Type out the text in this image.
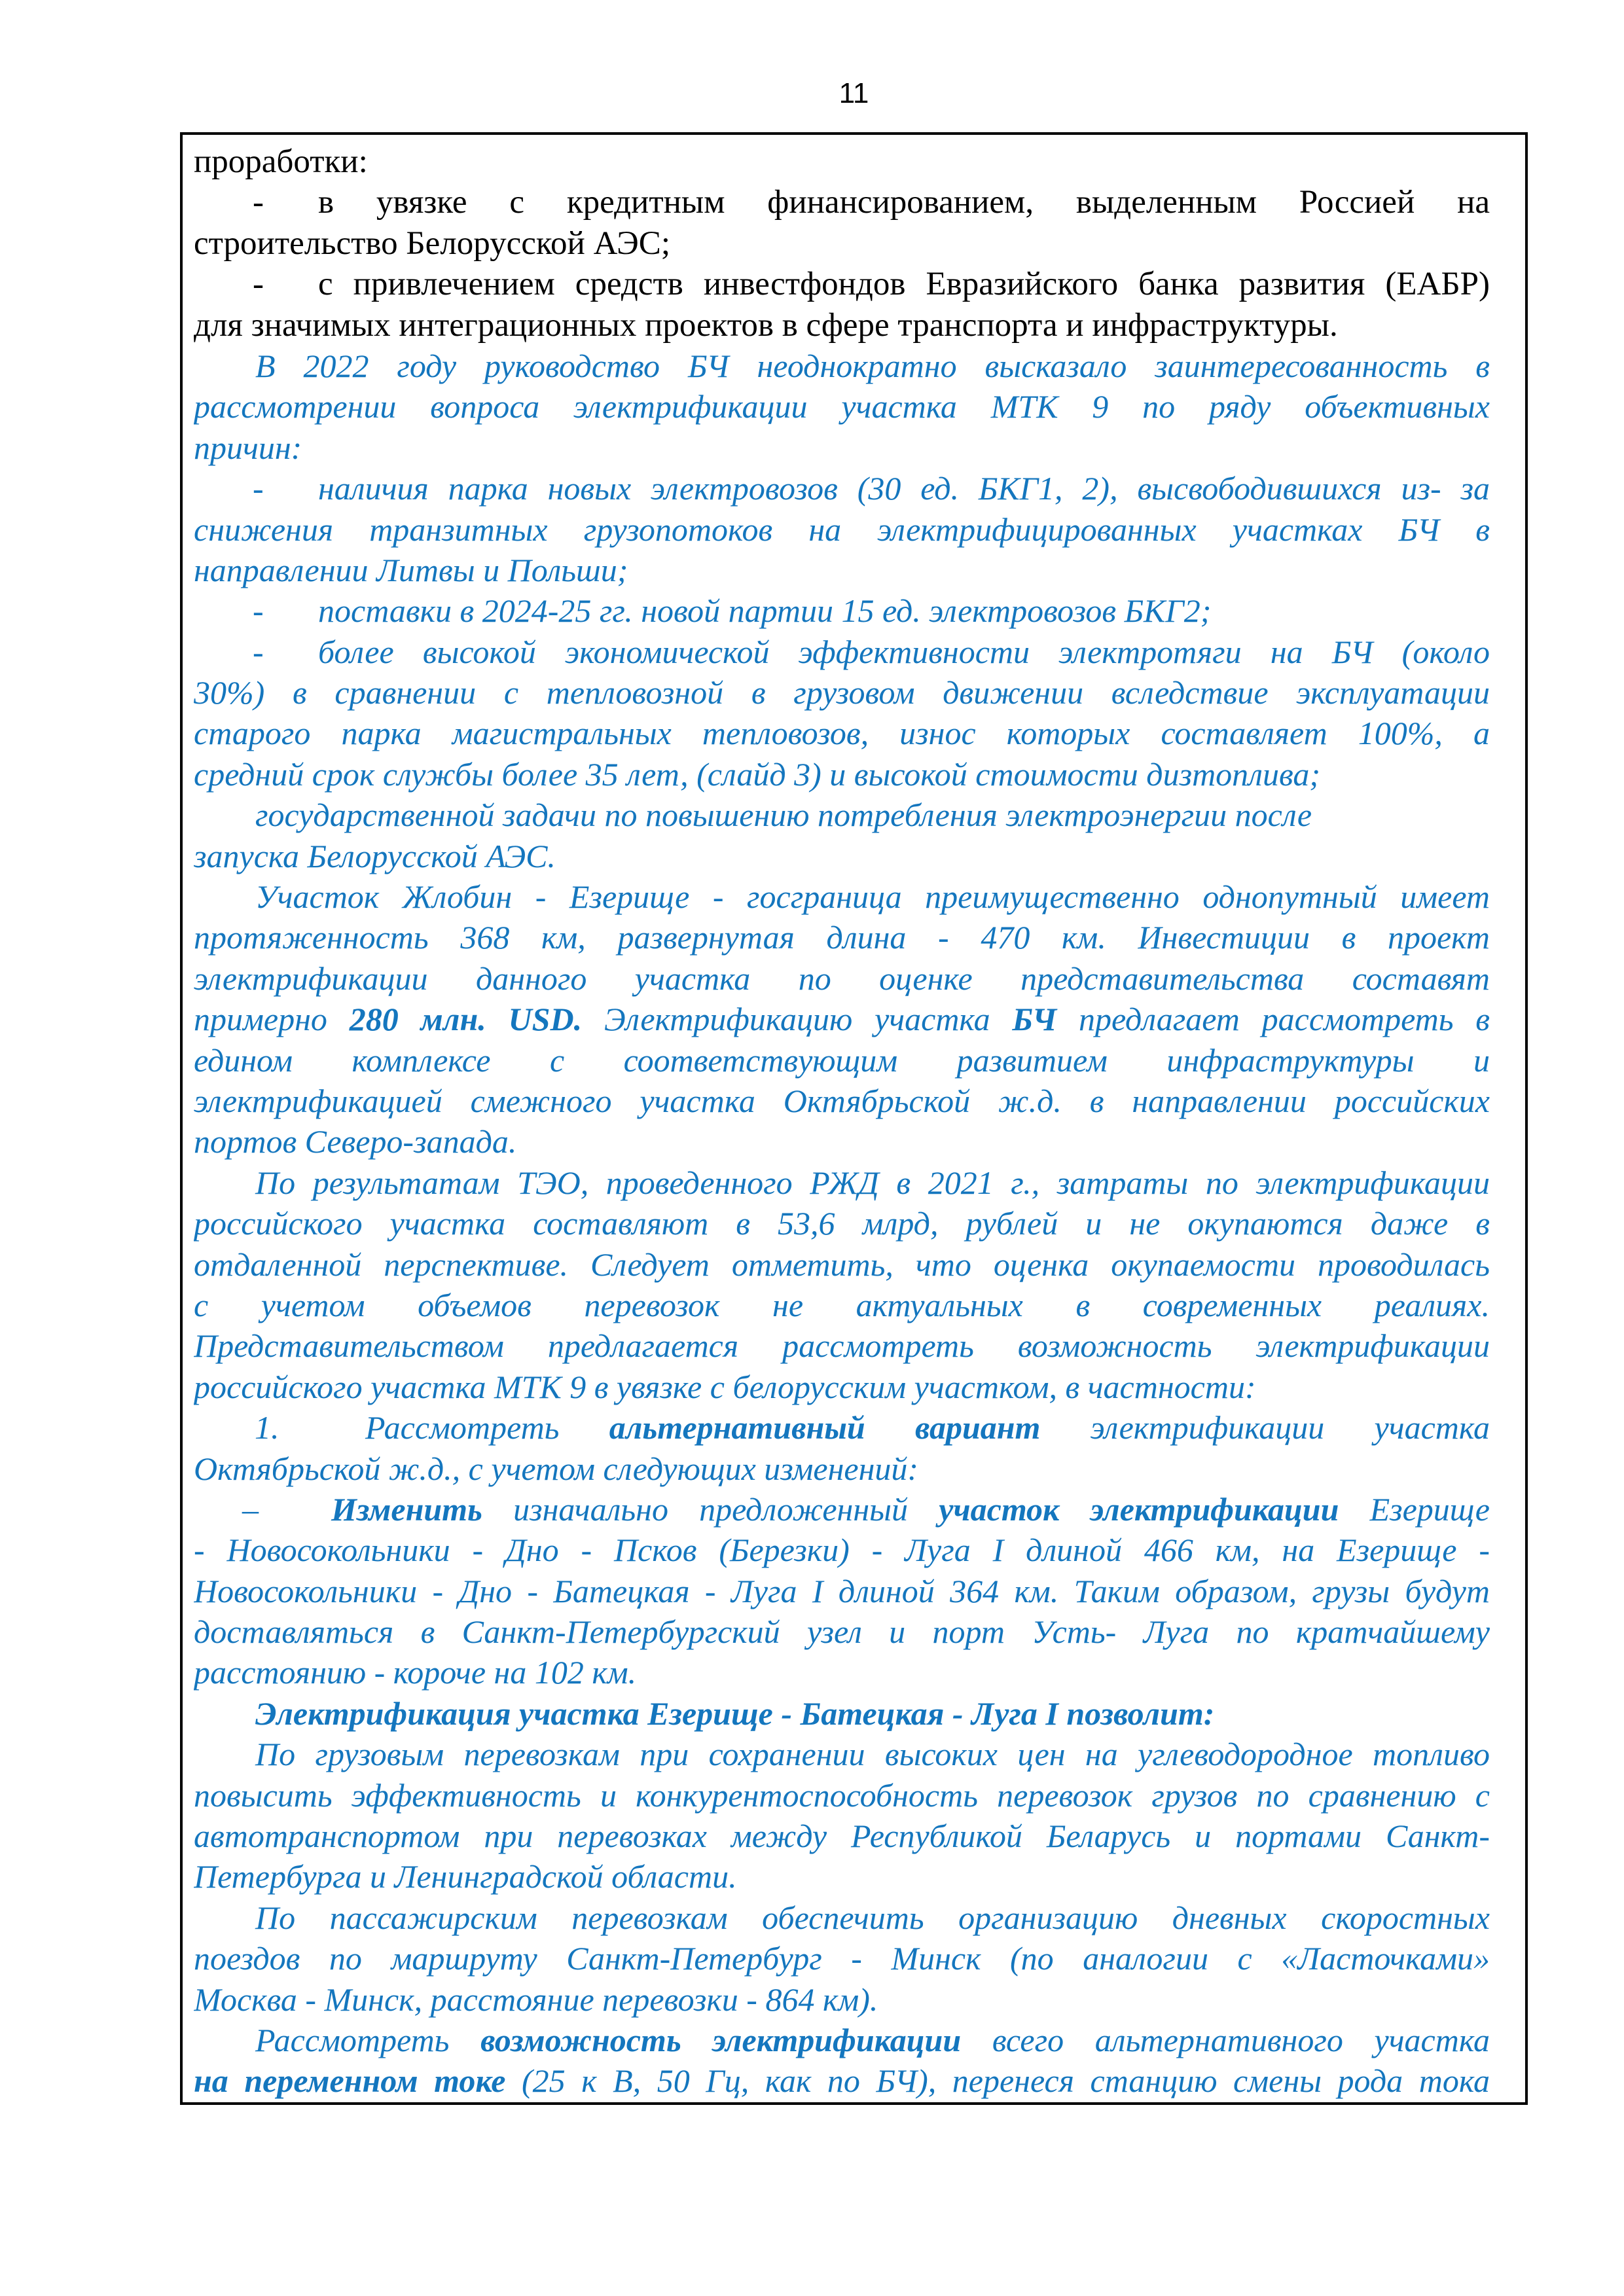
11
проработки:
- в увязке с кредитным финансированием, выделенным Россией на
строительство Белорусской АЭС;
- с привлечением средств инвестфондов Евразийского банка развития (ЕАБР)
для значимых интеграционных проектов в сфере транспорта и инфраструктуры.
В 2022 году руководство БЧ неоднократно высказало заинтересованность в
рассмотрении вопроса электрификации участка МТК 9 по ряду объективных
причин:
- наличия парка новых электровозов (30 ед. БКГ1, 2), высвободившихся из- за
снижения транзитных грузопотоков на электрифицированных участках БЧ в
направлении Литвы и Польши;
- поставки в 2024-25 гг. новой партии 15 ед. электровозов БКГ2;
- более высокой экономической эффективности электротяги на БЧ (около
30%) в сравнении с тепловозной в грузовом движении вследствие эксплуатации
старого парка магистральных тепловозов, износ которых составляет 100%, а
средний срок службы более 35 лет, (слайд 3) и высокой стоимости дизтоплива;
государственной задачи по повышению потребления электроэнергии после
запуска Белорусской АЭС.
Участок Жлобин - Езерище - госграница преимущественно однопутный имеет
протяженность 368 км, развернутая длина - 470 км. Инвестиции в проект
электрификации данного участка по оценке представительства составят
примерно 280 млн. USD. Электрификацию участка БЧ предлагает рассмотреть в
едином комплексе с соответствующим развитием инфраструктуры и
электрификацией смежного участка Октябрьской ж.д. в направлении российских
портов Северо-запада.
По результатам ТЭО, проведенного РЖД в 2021 г., затраты по электрификации
российского участка составляют в 53,6 млрд, рублей и не окупаются даже в
отдаленной перспективе. Следует отметить, что оценка окупаемости проводилась
с учетом объемов перевозок не актуальных в современных реалиях.
Представительством предлагается рассмотреть возможность электрификации
российского участка МТК 9 в увязке с белорусским участком, в частности:
1.	Рассмотреть альтернативный вариант электрификации участка
Октябрьской ж.д., с учетом следующих изменений:
– Изменить изначально предложенный участок электрификации Езерище
- Новосокольники - Дно - Псков (Березки) - Луга I длиной 466 км, на Езерище -
Новосокольники - Дно - Батецкая - Луга I длиной 364 км. Таким образом, грузы будут
доставляться в Санкт-Петербургский узел и порт Усть- Луга по кратчайшему
расстоянию - короче на 102 км.
Электрификация участка Езерище - Батецкая - Луга I позволит:
По грузовым перевозкам при сохранении высоких цен на углеводородное топливо
повысить эффективность и конкурентоспособность перевозок грузов по сравнению с
автотранспортом при перевозках между Республикой Беларусь и портами Санкт-
Петербурга и Ленинградской области.
По пассажирским перевозкам обеспечить организацию дневных скоростных
поездов по маршруту Санкт-Петербург - Минск (по аналогии с «Ласточками»
Москва - Минск, расстояние перевозки - 864 км).
Рассмотреть возможность электрификации всего альтернативного участка
на переменном токе (25 к В, 50 Гц, как по БЧ), перенеся станцию смены рода тока
